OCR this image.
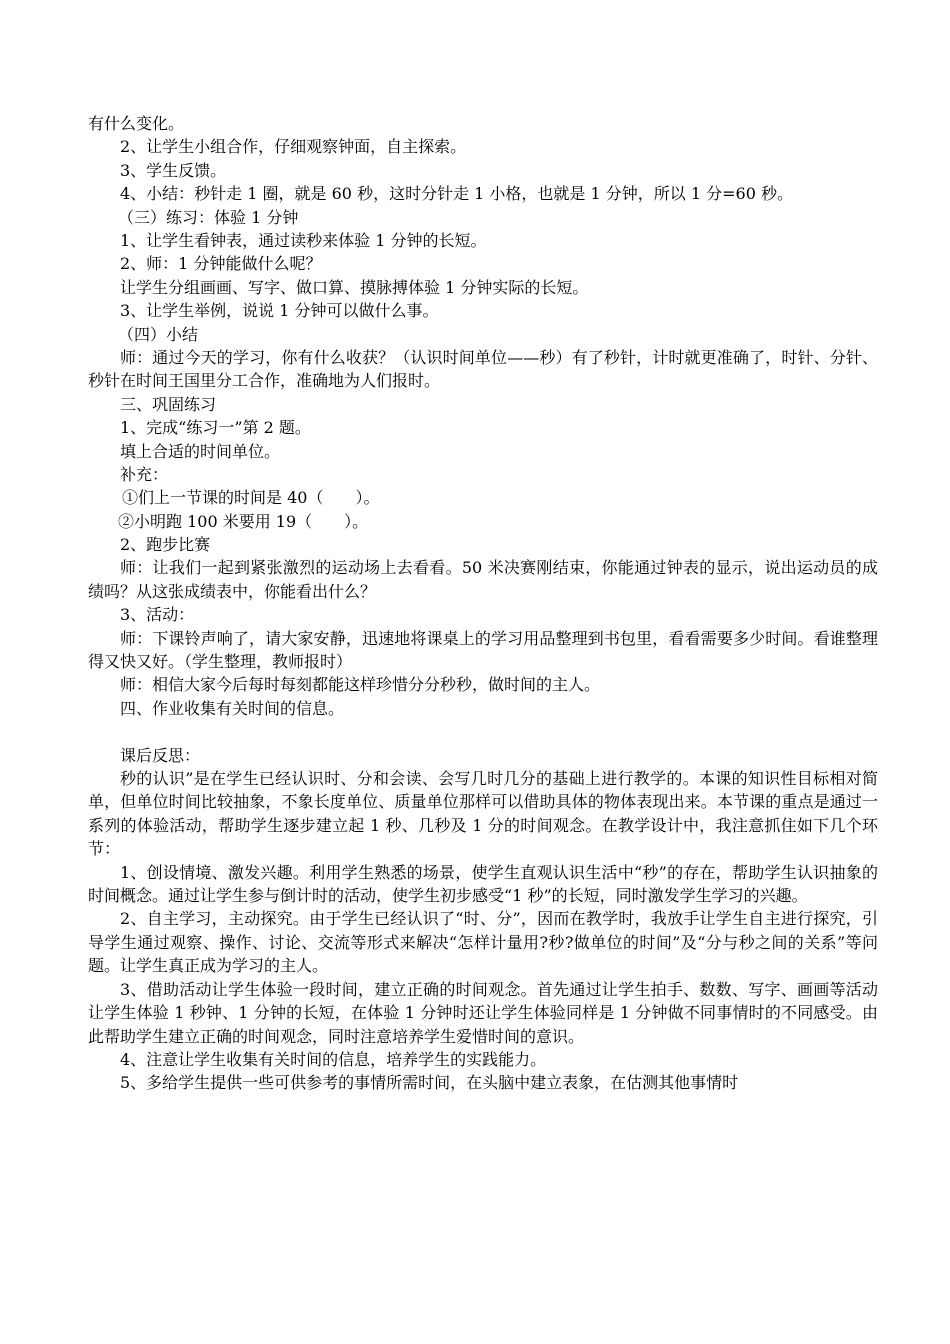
有什么变化。
2、让学生小组合作，仔细观察钟面，自主探索。
3、学生反馈。
4、小结：秒针走 1 圈，就是 60 秒，这时分针走 1 小格，也就是 1 分钟，所以 1 分=60 秒。
（三）练习：体验 1 分钟
1、让学生看钟表，通过读秒来体验 1 分钟的长短。
2、师：1 分钟能做什么呢？
让学生分组画画、写字、做口算、摸脉搏体验 1 分钟实际的长短。
3、让学生举例，说说 1 分钟可以做什么事。
（四）小结
师：通过今天的学习，你有什么收获？（认识时间单位——秒）有了秒针，计时就更准确了，时针、分针、秒针在时间王国里分工合作，准确地为人们报时。
三、巩固练习
1、完成“练习一”第 2 题。
填上合适的时间单位。
补充：
①们上一节课的时间是 40（　　）。
②小明跑 100 米要用 19（　　）。
2、跑步比赛
师：让我们一起到紧张激烈的运动场上去看看。50 米决赛刚结束，你能通过钟表的显示，说出运动员的成绩吗？从这张成绩表中，你能看出什么？
3、活动：
师：下课铃声响了，请大家安静，迅速地将课桌上的学习用品整理到书包里，看看需要多少时间。看谁整理得又快又好。（学生整理，教师报时）
师：相信大家今后每时每刻都能这样珍惜分分秒秒，做时间的主人。
四、作业收集有关时间的信息。
课后反思：
秒的认识”是在学生已经认识时、分和会读、会写几时几分的基础上进行教学的。本课的知识性目标相对简单，但单位时间比较抽象，不象长度单位、质量单位那样可以借助具体的物体表现出来。本节课的重点是通过一系列的体验活动，帮助学生逐步建立起 1 秒、几秒及 1 分的时间观念。在教学设计中，我注意抓住如下几个环节：
1、创设情境、激发兴趣。利用学生熟悉的场景，使学生直观认识生活中“秒”的存在，帮助学生认识抽象的时间概念。通过让学生参与倒计时的活动，使学生初步感受“1 秒”的长短，同时激发学生学习的兴趣。
2、自主学习，主动探究。由于学生已经认识了“时、分”，因而在教学时，我放手让学生自主进行探究，引导学生通过观察、操作、讨论、交流等形式来解决“怎样计量用?秒?做单位的时间”及“分与秒之间的关系”等问题。让学生真正成为学习的主人。
3、借助活动让学生体验一段时间，建立正确的时间观念。首先通过让学生拍手、数数、写字、画画等活动让学生体验 1 秒钟、1 分钟的长短，在体验 1 分钟时还让学生体验同样是 1 分钟做不同事情时的不同感受。由此帮助学生建立正确的时间观念，同时注意培养学生爱惜时间的意识。
4、注意让学生收集有关时间的信息，培养学生的实践能力。
5、多给学生提供一些可供参考的事情所需时间，在头脑中建立表象，在估测其他事情时
